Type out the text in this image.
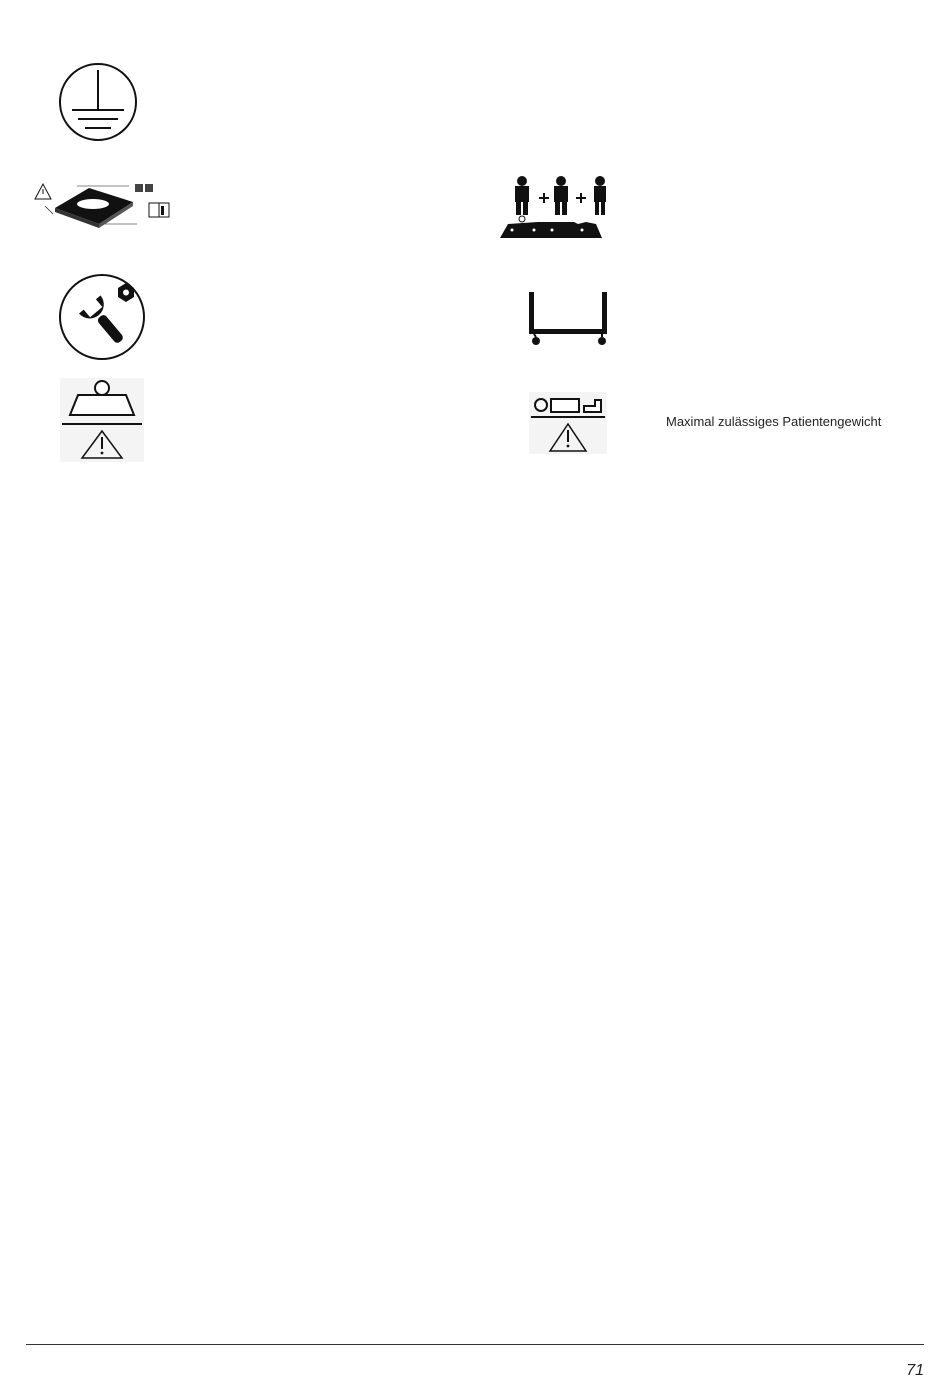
Maximal zulässiges Patientengewicht
71
